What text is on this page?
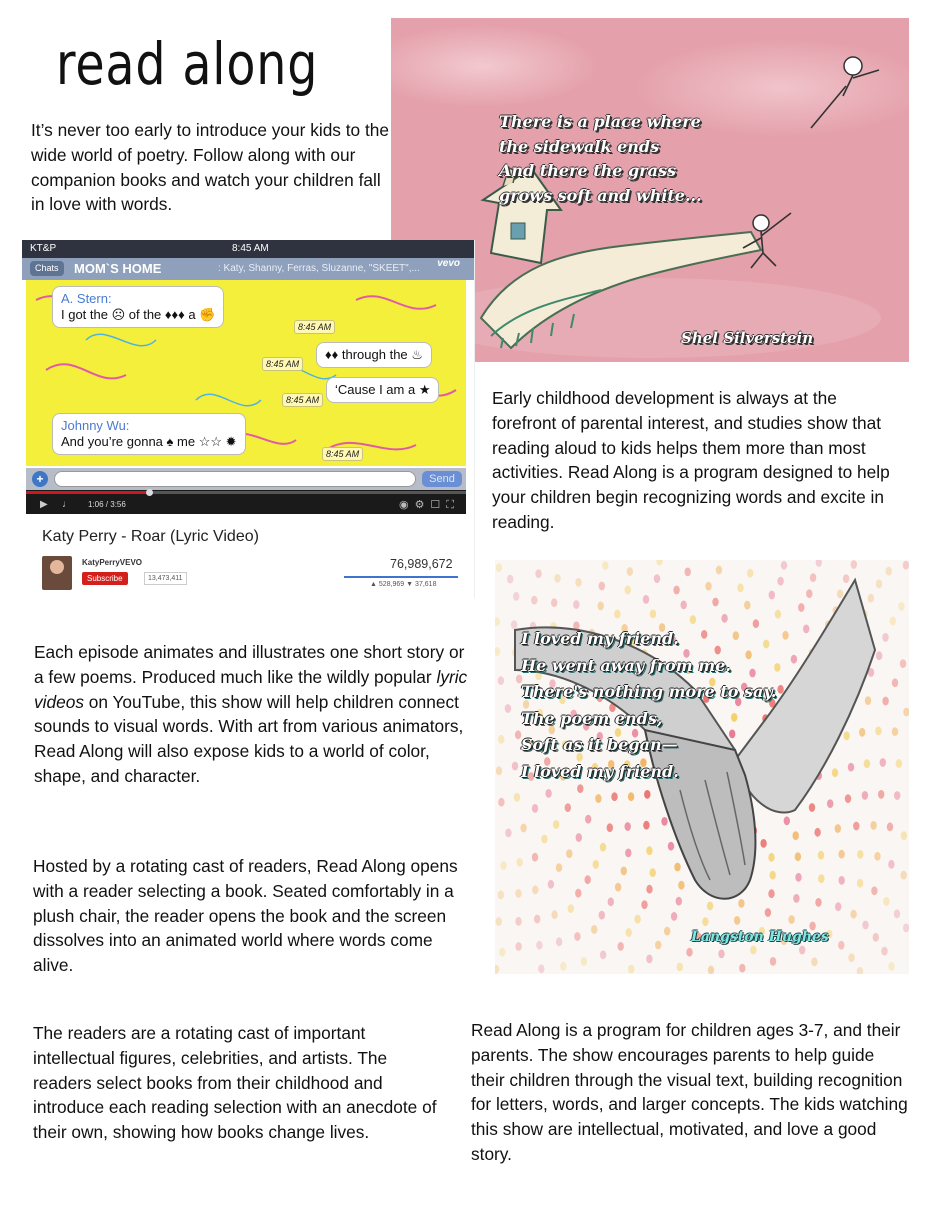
read along

It’s never too early to introduce your kids to the wide world of poetry. Follow along with our companion books and watch your children fall in love with words.

There is a place where
the sidewalk ends
And there the grass
grows soft and white...

Shel Silverstein

KT&P	8:45 AM
Chats	MOM`S HOME	: Katy, Shanny, Ferras, Sluzanne, "SKEET",... vevo
A. Stern:
I got the ☹ of the ♦♦♦ a ✊
8:45 AM
♦♦ through the ♨
8:45 AM
‘Cause I am a ★
8:45 AM
Johnny Wu:
And you’re gonna ♠ me ☆☆ ✹
8:45 AM
+	Send
▶ ♩ 1:06 / 3:56	◉⚙☐⛶

Katy Perry - Roar (Lyric Video)

KatyPerryVEVO
Subscribe	13,473,411
76,989,672
▲ 528,969 ▼ 37,618

Early childhood development is always at the forefront of parental interest, and studies show that reading aloud to kids helps them more than most activities. Read Along is a program designed to help your children begin recognizing words and excite in reading.

Each episode animates and illustrates one short story or a few poems. Produced much like the wildly popular lyric videos on YouTube, this show will help children connect sounds to visual words. With art from various animators, Read Along will also expose kids to a world of color, shape, and character.

I loved my friend.
He went away from me.
There's nothing more to say.
The poem ends,
Soft as it began—
I loved my friend.

Langston Hughes

Hosted by a rotating cast of readers, Read Along opens with a reader selecting a book. Seated comfortably in a plush chair, the reader opens the book and the screen dissolves into an animated world where words come alive.

The readers are a rotating cast of important intellectual figures, celebrities, and artists. The readers select books from their childhood and introduce each reading selection with an anecdote of their own, showing how books change lives.

Read Along is a program for children ages 3-7, and their parents. The show encourages parents to help guide their children through the visual text, building recognition for letters, words, and larger concepts. The kids watching this show are intellectual, motivated, and love a good story.
